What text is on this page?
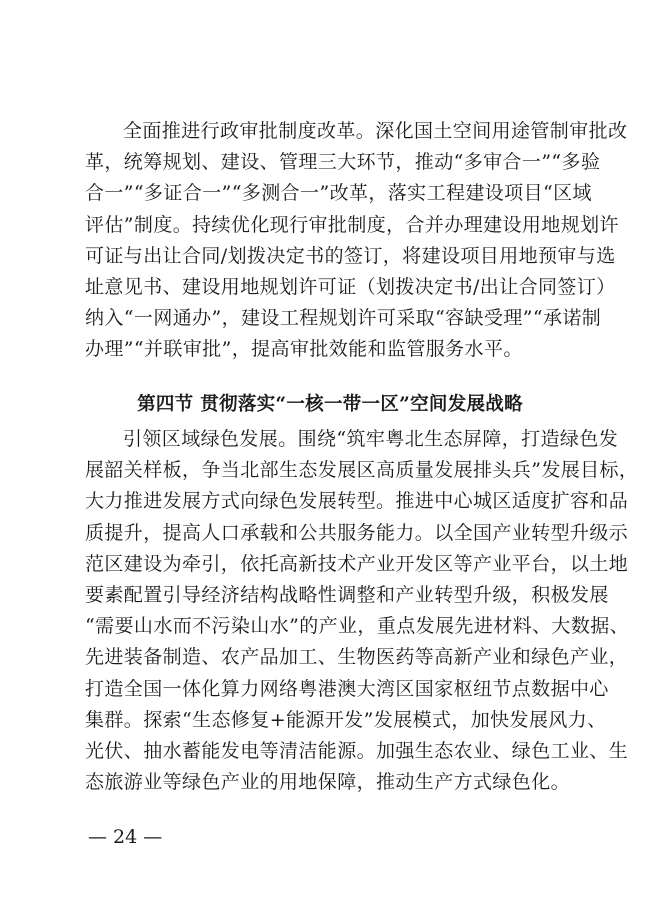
全面推进行政审批制度改革。深化国土空间用途管制审批改
革，统筹规划、建设、管理三大环节，推动“多审合一”“多验
合一”“多证合一”“多测合一”改革，落实工程建设项目“区域
评估”制度。持续优化现行审批制度，合并办理建设用地规划许
可证与出让合同/划拨决定书的签订，将建设项目用地预审与选
址意见书、建设用地规划许可证（划拨决定书/出让合同签订）
纳入“一网通办”，建设工程规划许可采取“容缺受理”“承诺制
办理”“并联审批”，提高审批效能和监管服务水平。
第四节 贯彻落实“一核一带一区”空间发展战略
引领区域绿色发展。围绕“筑牢粤北生态屏障，打造绿色发
展韶关样板，争当北部生态发展区高质量发展排头兵”发展目标，
大力推进发展方式向绿色发展转型。推进中心城区适度扩容和品
质提升，提高人口承载和公共服务能力。以全国产业转型升级示
范区建设为牵引，依托高新技术产业开发区等产业平台，以土地
要素配置引导经济结构战略性调整和产业转型升级，积极发展
“需要山水而不污染山水”的产业，重点发展先进材料、大数据、
先进装备制造、农产品加工、生物医药等高新产业和绿色产业，
打造全国一体化算力网络粤港澳大湾区国家枢纽节点数据中心
集群。探索“生态修复+能源开发”发展模式，加快发展风力、
光伏、抽水蓄能发电等清洁能源。加强生态农业、绿色工业、生
态旅游业等绿色产业的用地保障，推动生产方式绿色化。
— 24 —
